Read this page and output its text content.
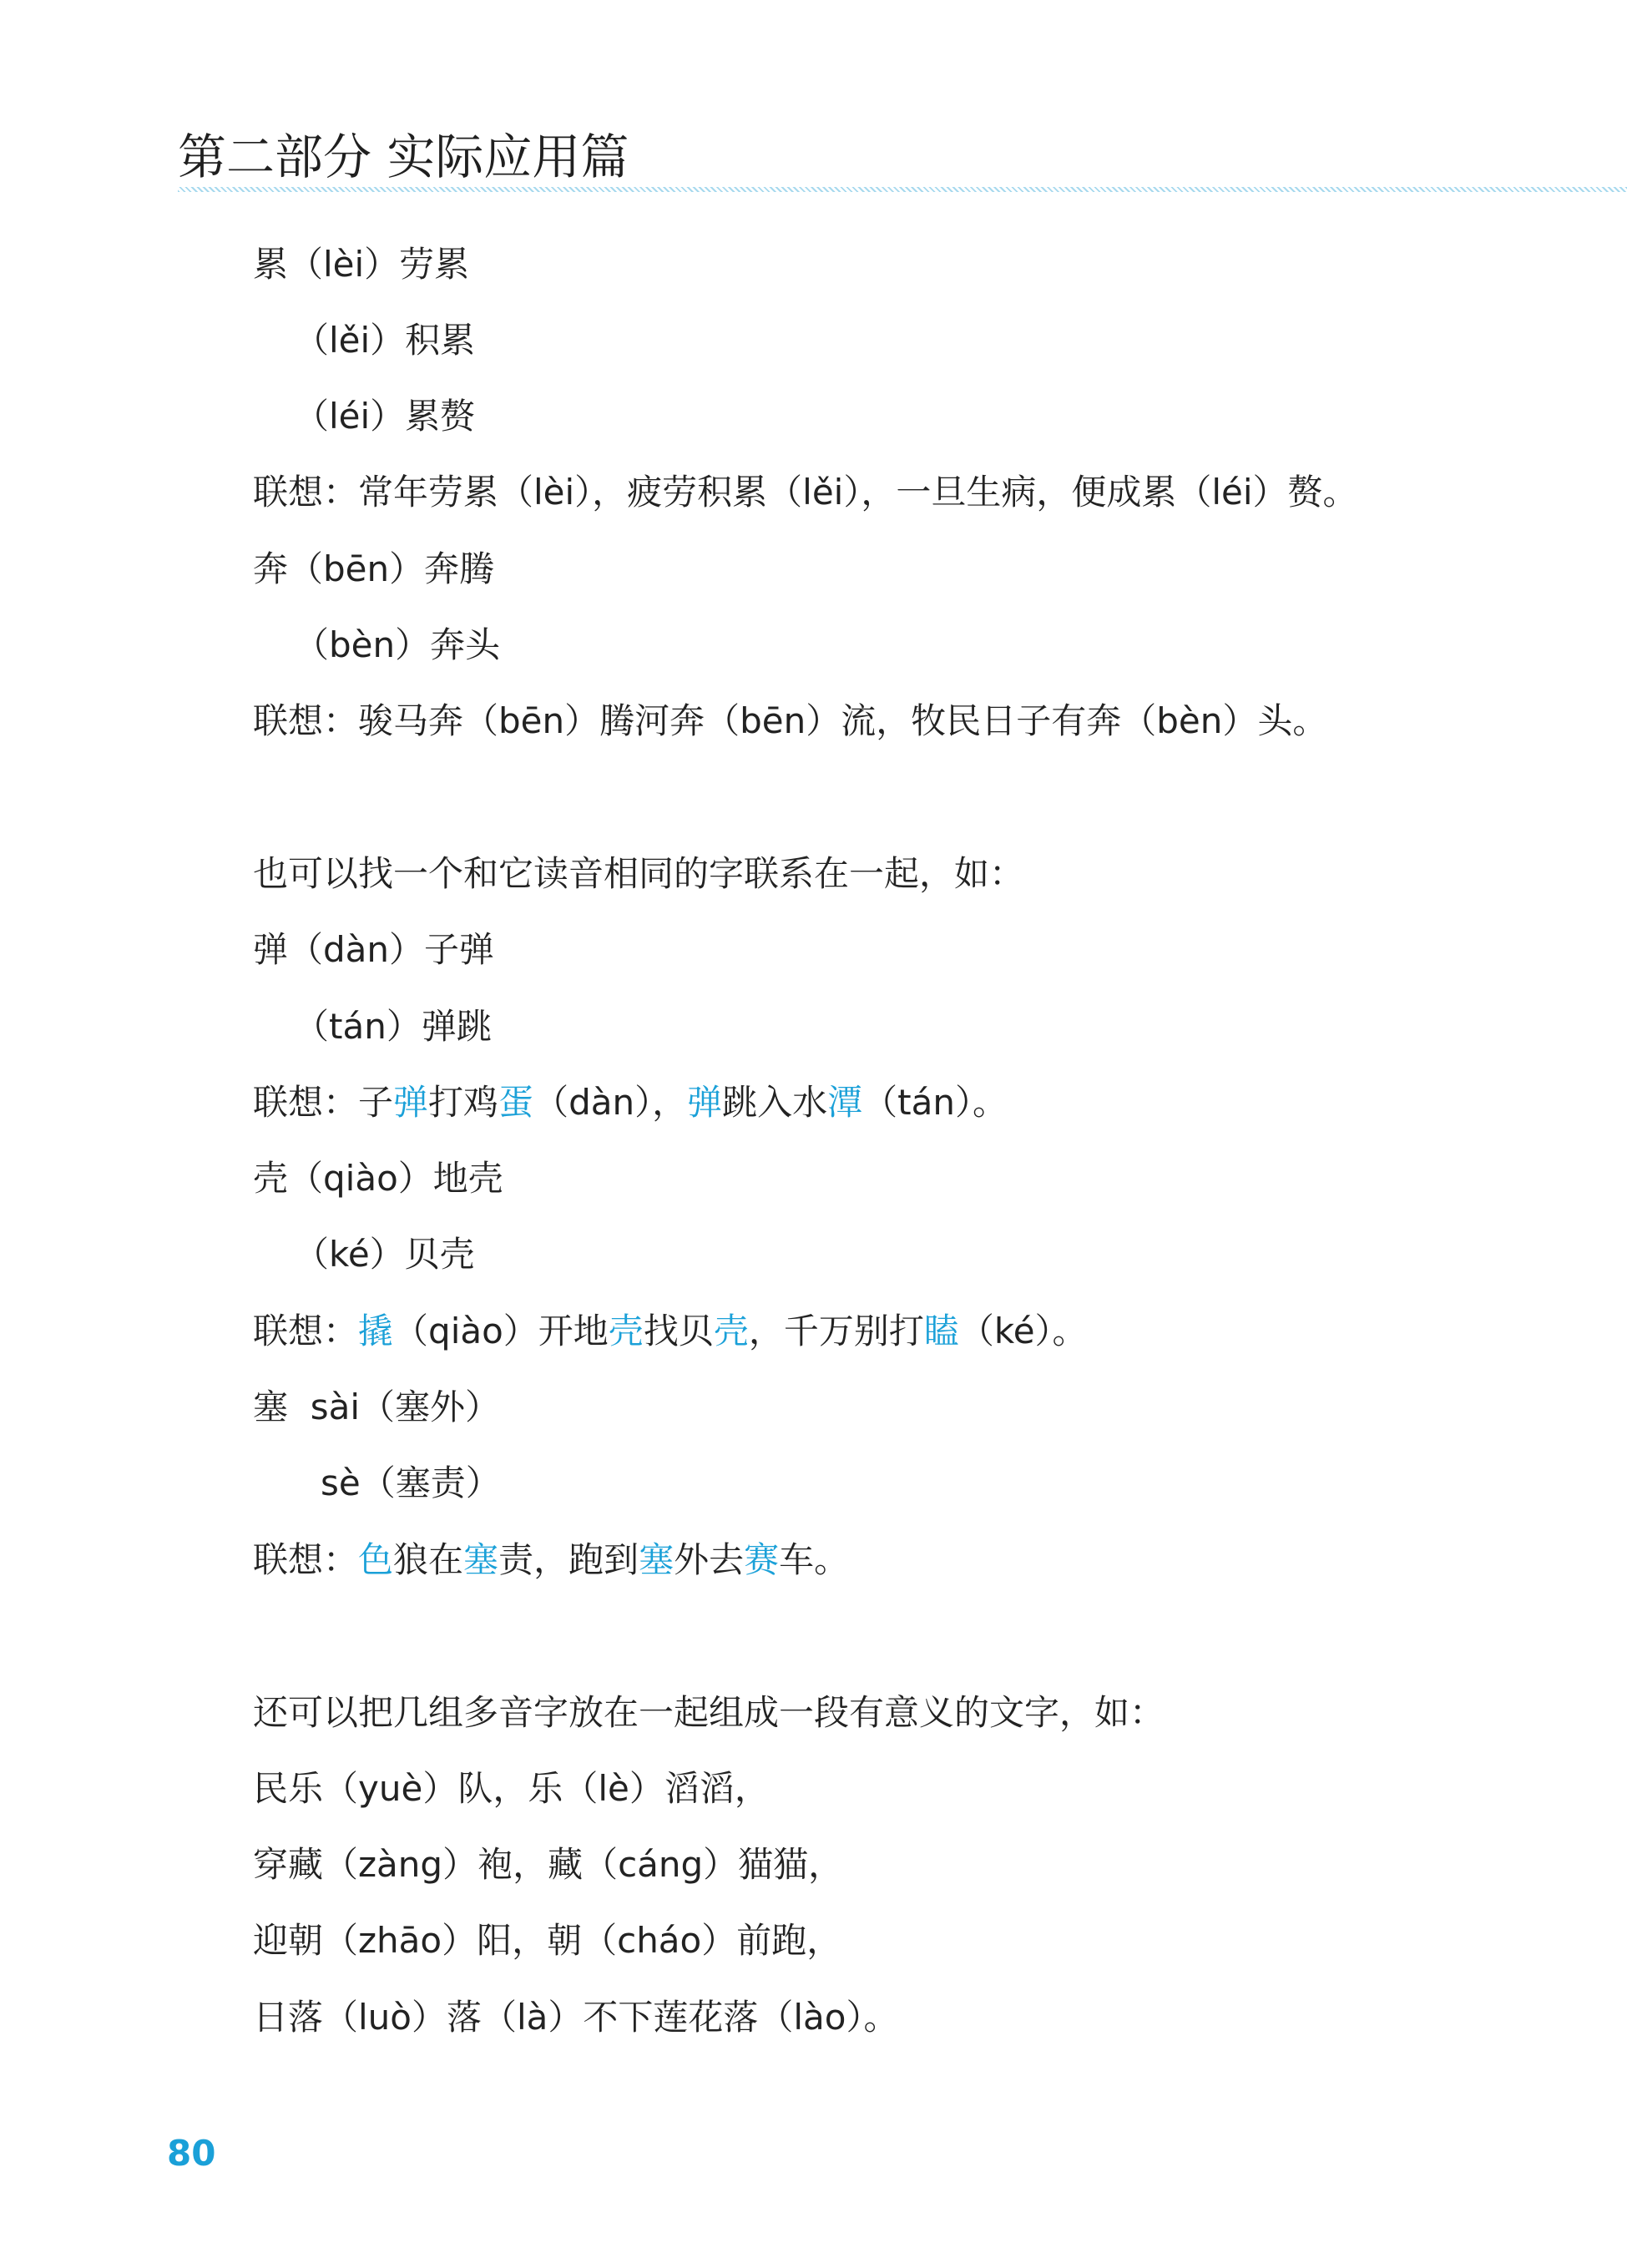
第二部分 实际应用篇
累（lèi）劳累
（lěi）积累
（léi）累赘
联想：常年劳累（lèi），疲劳积累（lěi），一旦生病，便成累（léi）赘。
奔（bēn）奔腾
（bèn）奔头
联想：骏马奔（bēn）腾河奔（bēn）流，牧民日子有奔（bèn）头。
也可以找一个和它读音相同的字联系在一起，如：
弹（dàn）子弹
（tán）弹跳
联想：子弹打鸡蛋（dàn），弹跳入水潭（tán）。
壳（qiào）地壳
（ké）贝壳
联想：撬（qiào）开地壳找贝壳，千万别打瞌（ké）。
塞  sài（塞外）
sè（塞责）
联想：色狼在塞责，跑到塞外去赛车。
还可以把几组多音字放在一起组成一段有意义的文字，如：
民乐（yuè）队，乐（lè）滔滔，
穿藏（zàng）袍，藏（cáng）猫猫，
迎朝（zhāo）阳，朝（cháo）前跑，
日落（luò）落（là）不下莲花落（lào）。
80
